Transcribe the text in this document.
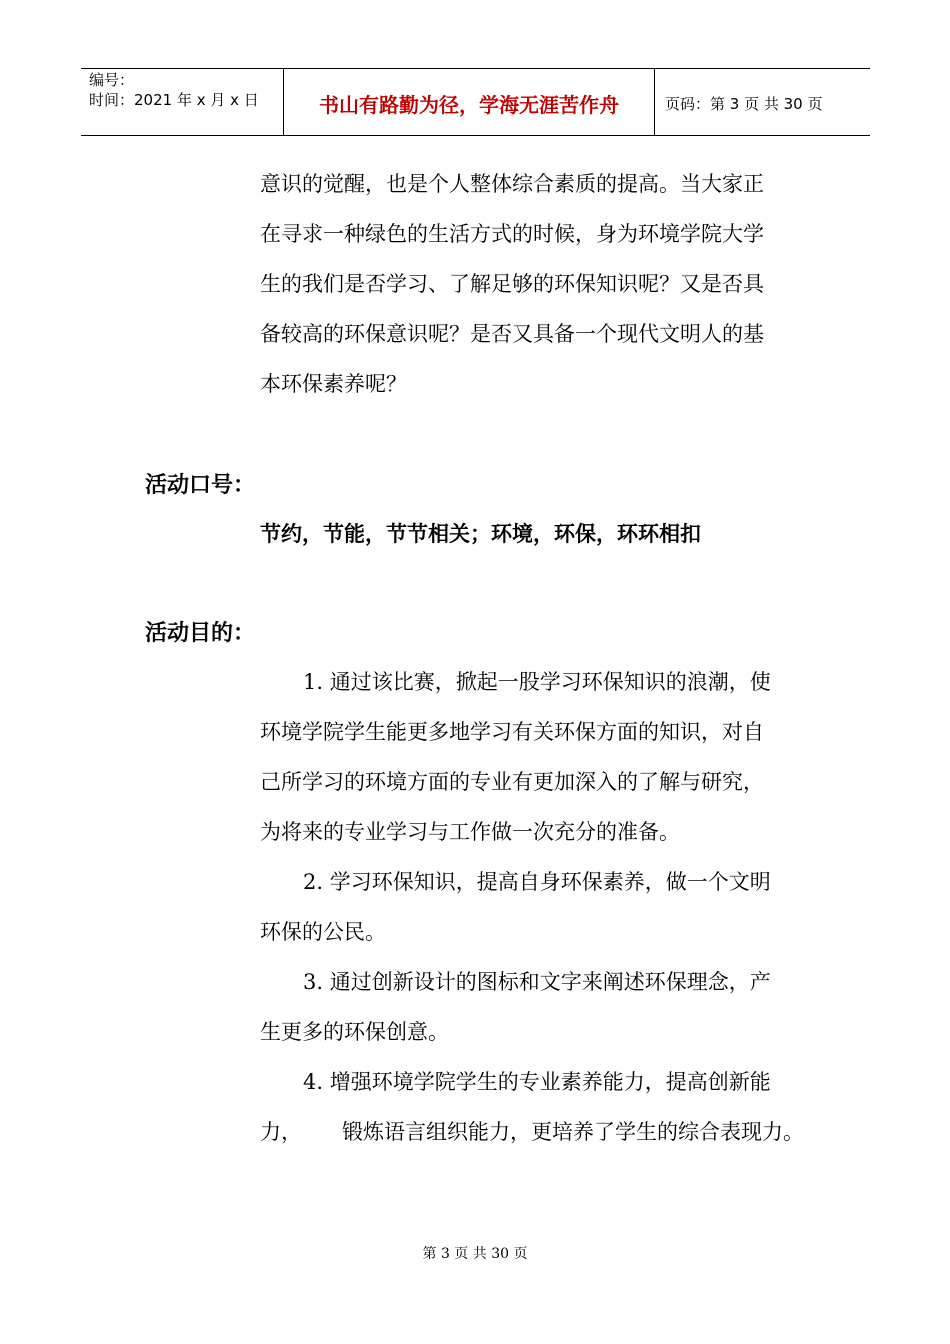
编号：
时间：2021 年 x 月 x 日	书山有路勤为径，学海无涯苦作舟	页码：第 3 页 共 30 页
意识的觉醒，也是个人整体综合素质的提高。当大家正
在寻求一种绿色的生活方式的时候，身为环境学院大学
生的我们是否学习、了解足够的环保知识呢？又是否具
备较高的环保意识呢？是否又具备一个现代文明人的基
本环保素养呢？
活动口号：
节约，节能，节节相关；环境，环保，环环相扣
活动目的：
1. 通过该比赛，掀起一股学习环保知识的浪潮，使
环境学院学生能更多地学习有关环保方面的知识，对自
己所学习的环境方面的专业有更加深入的了解与研究，
为将来的专业学习与工作做一次充分的准备。
2. 学习环保知识，提高自身环保素养，做一个文明
环保的公民。
3. 通过创新设计的图标和文字来阐述环保理念，产
生更多的环保创意。
4. 增强环境学院学生的专业素养能力，提高创新能
力，      锻炼语言组织能力，更培养了学生的综合表现力。
第 3 页 共 30 页
